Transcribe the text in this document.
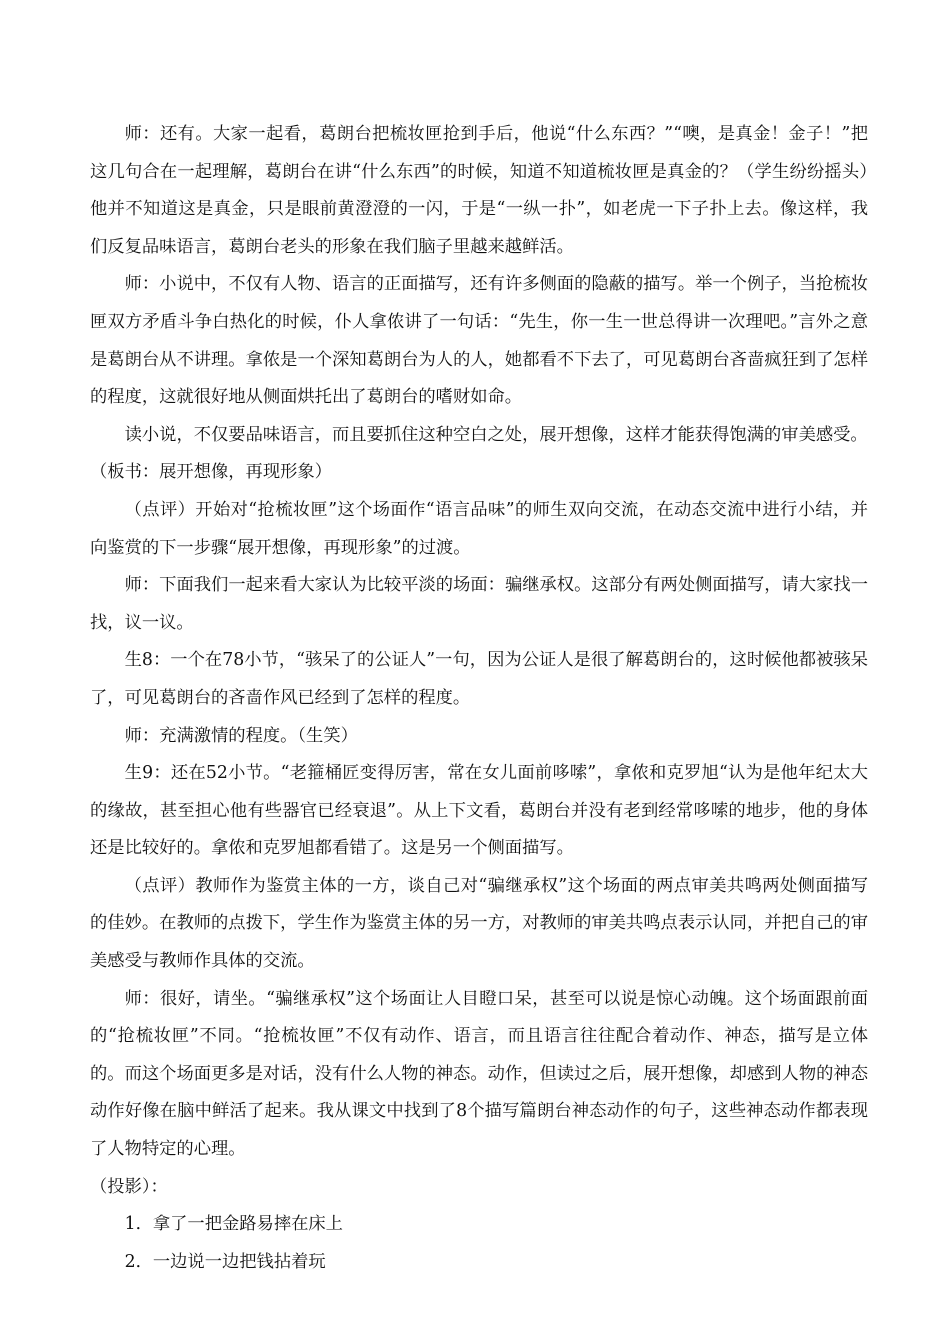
师：还有。大家一起看，葛朗台把梳妆匣抢到手后，他说“什么东西？”“噢，是真金！金子！”把这几句合在一起理解，葛朗台在讲“什么东西”的时候，知道不知道梳妆匣是真金的？（学生纷纷摇头）他并不知道这是真金，只是眼前黄澄澄的一闪，于是“一纵一扑”，如老虎一下子扑上去。像这样，我们反复品味语言，葛朗台老头的形象在我们脑子里越来越鲜活。

师：小说中，不仅有人物、语言的正面描写，还有许多侧面的隐蔽的描写。举一个例子，当抢梳妆匣双方矛盾斗争白热化的时候，仆人拿侬讲了一句话：“先生，你一生一世总得讲一次理吧。”言外之意是葛朗台从不讲理。拿侬是一个深知葛朗台为人的人，她都看不下去了，可见葛朗台吝啬疯狂到了怎样的程度，这就很好地从侧面烘托出了葛朗台的嗜财如命。

读小说，不仅要品味语言，而且要抓住这种空白之处，展开想像，这样才能获得饱满的审美感受。

（板书：展开想像，再现形象）

（点评）开始对“抢梳妆匣”这个场面作“语言品味”的师生双向交流，在动态交流中进行小结，并向鉴赏的下一步骤“展开想像，再现形象”的过渡。

师：下面我们一起来看大家认为比较平淡的场面：骗继承权。这部分有两处侧面描写，请大家找一找，议一议。

生8：一个在78小节，“骇呆了的公证人”一句，因为公证人是很了解葛朗台的，这时候他都被骇呆了，可见葛朗台的吝啬作风已经到了怎样的程度。

师：充满激情的程度。（生笑）

生9：还在52小节。“老箍桶匠变得厉害，常在女儿面前哆嗦”，拿侬和克罗旭“认为是他年纪太大的缘故，甚至担心他有些器官已经衰退”。从上下文看，葛朗台并没有老到经常哆嗦的地步，他的身体还是比较好的。拿侬和克罗旭都看错了。这是另一个侧面描写。

（点评）教师作为鉴赏主体的一方，谈自己对“骗继承权”这个场面的两点审美共鸣两处侧面描写的佳妙。在教师的点拨下，学生作为鉴赏主体的另一方，对教师的审美共鸣点表示认同，并把自己的审美感受与教师作具体的交流。

师：很好，请坐。“骗继承权”这个场面让人目瞪口呆，甚至可以说是惊心动魄。这个场面跟前面的“抢梳妆匣”不同。“抢梳妆匣”不仅有动作、语言，而且语言往往配合着动作、神态，描写是立体的。而这个场面更多是对话，没有什么人物的神态。动作，但读过之后，展开想像，却感到人物的神态动作好像在脑中鲜活了起来。我从课文中找到了8个描写篇朗台神态动作的句子，这些神态动作都表现了人物特定的心理。

（投影）：

1．拿了一把金路易摔在床上

2．一边说一边把钱拈着玩
